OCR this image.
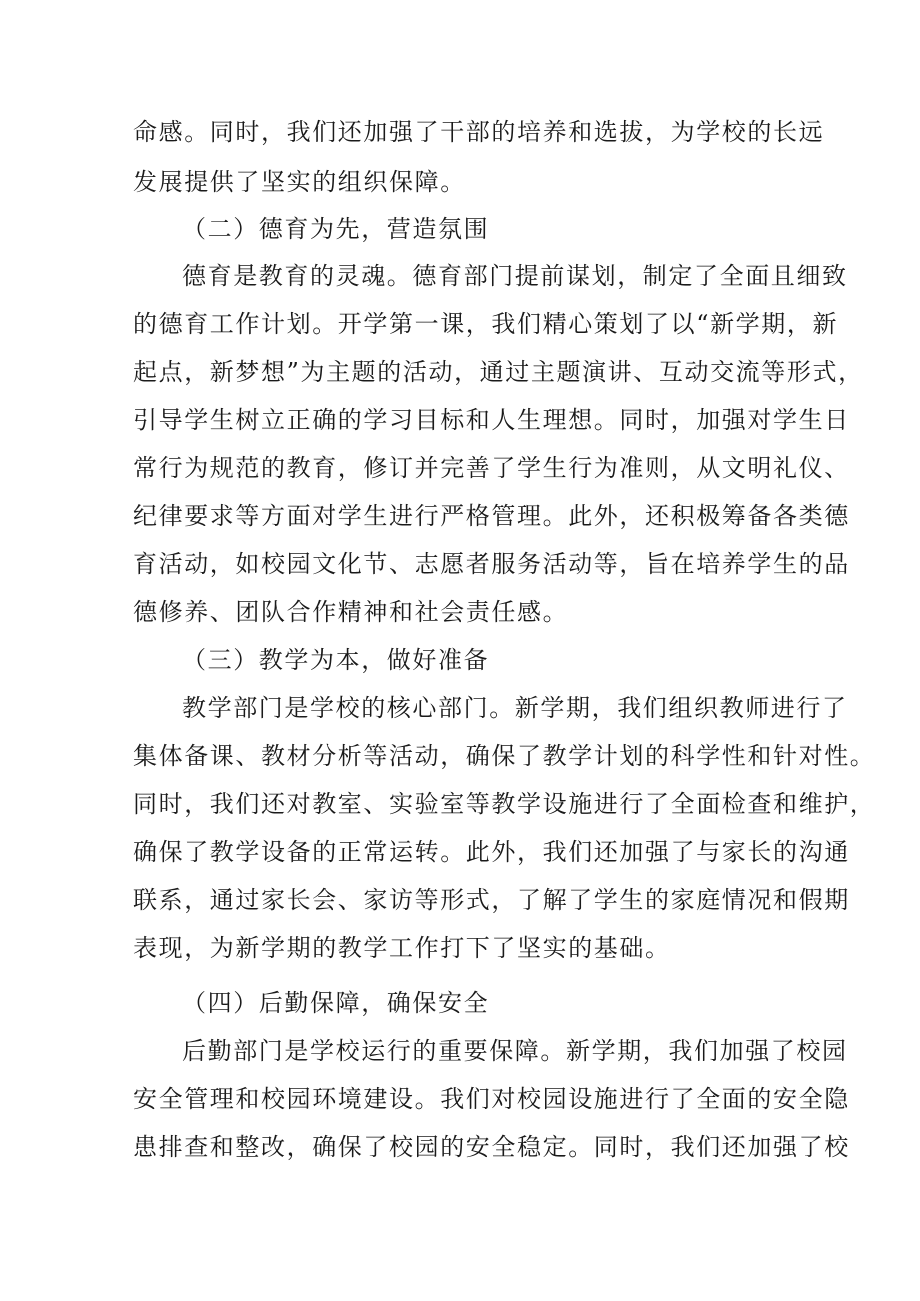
命感。同时，我们还加强了干部的培养和选拔，为学校的长远
发展提供了坚实的组织保障。
（二）德育为先，营造氛围
德育是教育的灵魂。德育部门提前谋划，制定了全面且细致
的德育工作计划。开学第一课，我们精心策划了以“新学期，新
起点，新梦想”为主题的活动，通过主题演讲、互动交流等形式，
引导学生树立正确的学习目标和人生理想。同时，加强对学生日
常行为规范的教育，修订并完善了学生行为准则，从文明礼仪、
纪律要求等方面对学生进行严格管理。此外，还积极筹备各类德
育活动，如校园文化节、志愿者服务活动等，旨在培养学生的品
德修养、团队合作精神和社会责任感。
（三）教学为本，做好准备
教学部门是学校的核心部门。新学期，我们组织教师进行了
集体备课、教材分析等活动，确保了教学计划的科学性和针对性。
同时，我们还对教室、实验室等教学设施进行了全面检查和维护，
确保了教学设备的正常运转。此外，我们还加强了与家长的沟通
联系，通过家长会、家访等形式，了解了学生的家庭情况和假期
表现，为新学期的教学工作打下了坚实的基础。
（四）后勤保障，确保安全
后勤部门是学校运行的重要保障。新学期，我们加强了校园
安全管理和校园环境建设。我们对校园设施进行了全面的安全隐
患排查和整改，确保了校园的安全稳定。同时，我们还加强了校
